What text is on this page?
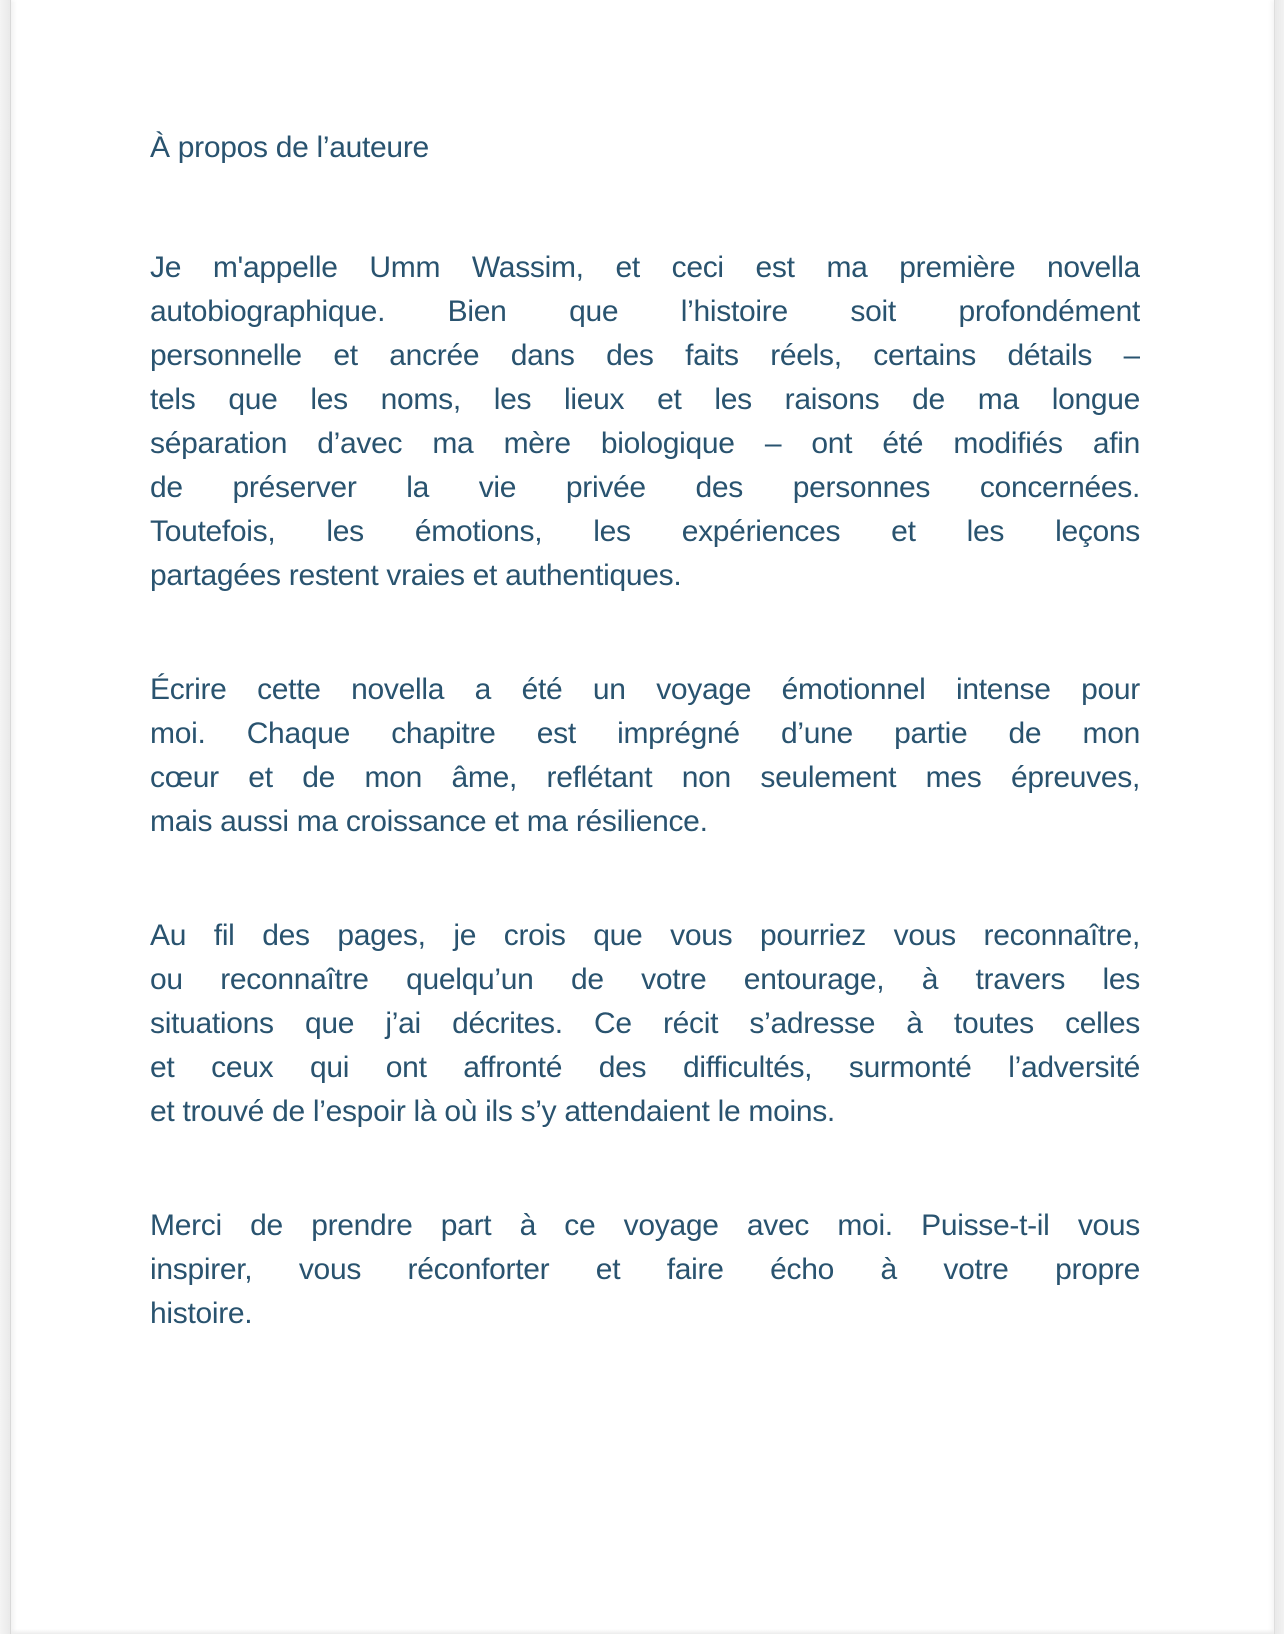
À propos de l’auteure
Je m'appelle Umm Wassim, et ceci est ma première novella
autobiographique. Bien que l’histoire soit profondément
personnelle et ancrée dans des faits réels, certains détails –
tels que les noms, les lieux et les raisons de ma longue
séparation d’avec ma mère biologique – ont été modifiés afin
de préserver la vie privée des personnes concernées.
Toutefois, les émotions, les expériences et les leçons
partagées restent vraies et authentiques.
Écrire cette novella a été un voyage émotionnel intense pour
moi. Chaque chapitre est imprégné d’une partie de mon
cœur et de mon âme, reflétant non seulement mes épreuves,
mais aussi ma croissance et ma résilience.
Au fil des pages, je crois que vous pourriez vous reconnaître,
ou reconnaître quelqu’un de votre entourage, à travers les
situations que j’ai décrites. Ce récit s’adresse à toutes celles
et ceux qui ont affronté des difficultés, surmonté l’adversité
et trouvé de l’espoir là où ils s’y attendaient le moins.
Merci de prendre part à ce voyage avec moi. Puisse-t-il vous
inspirer, vous réconforter et faire écho à votre propre
histoire.
